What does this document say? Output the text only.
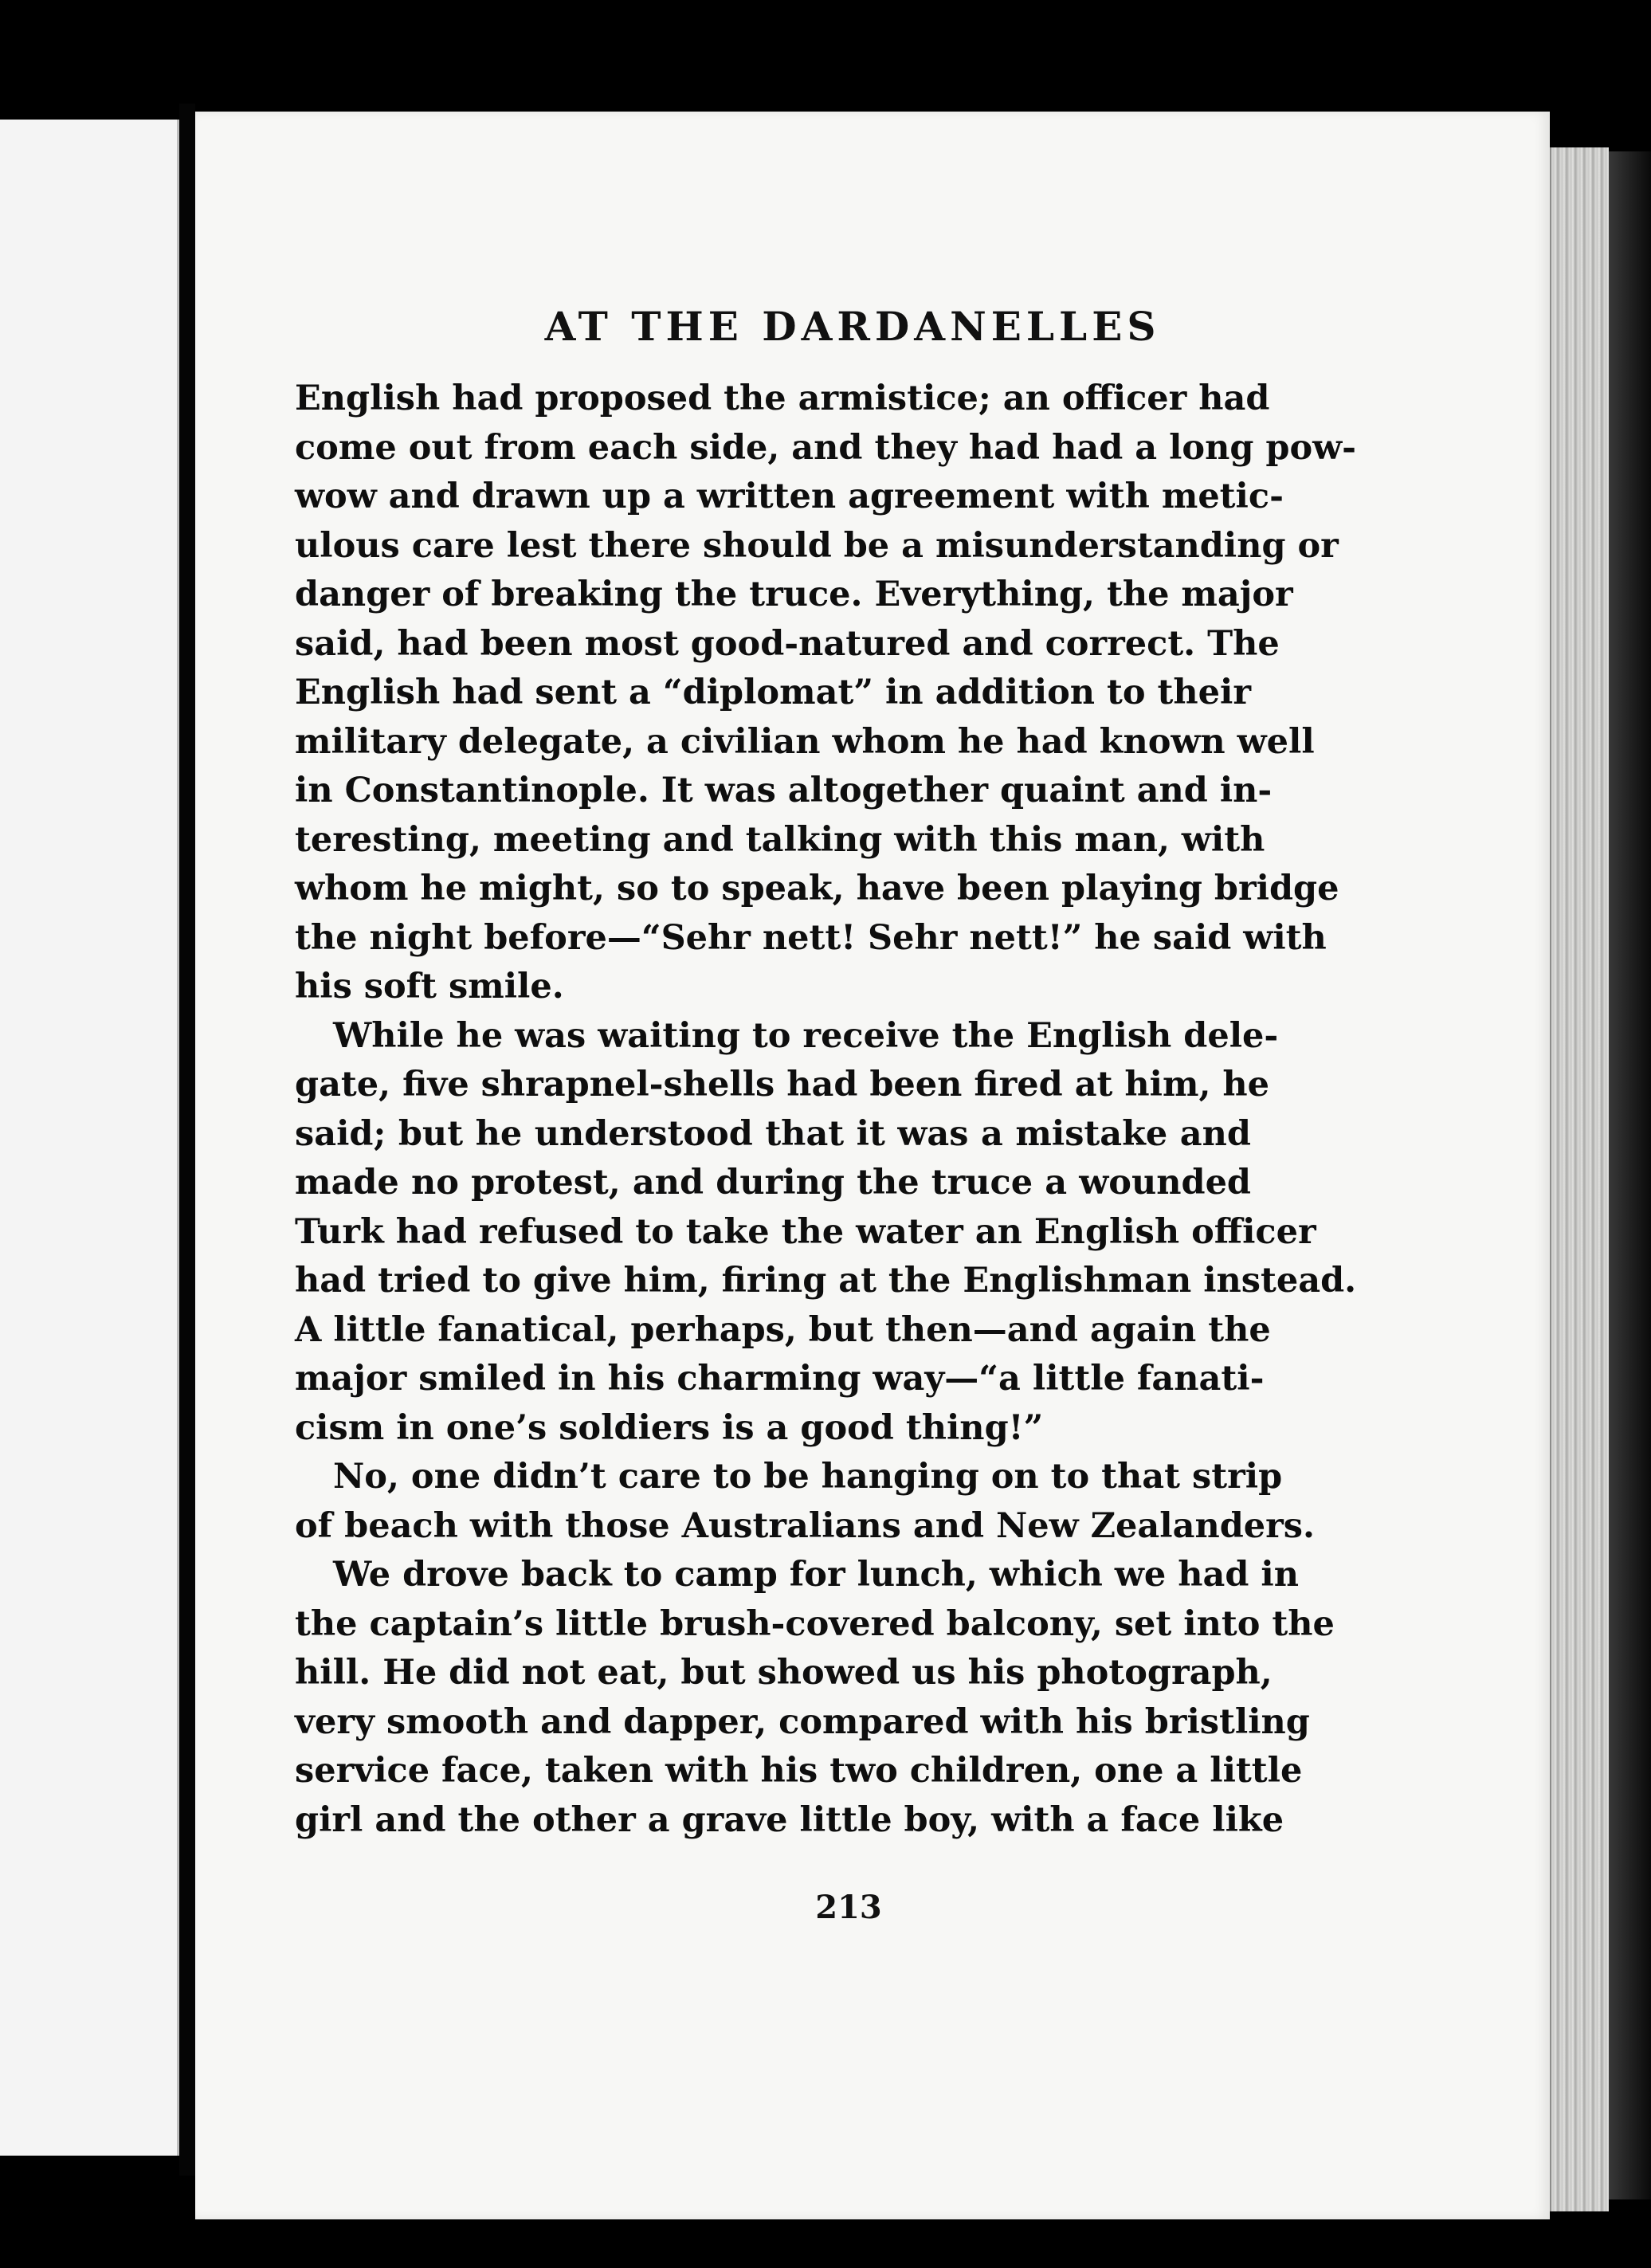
AT THE DARDANELLES
English had proposed the armistice; an officer had
come out from each side, and they had had a long pow-
wow and drawn up a written agreement with metic-
ulous care lest there should be a misunderstanding or
danger of breaking the truce. Everything, the major
said, had been most good-natured and correct. The
English had sent a “diplomat” in addition to their
military delegate, a civilian whom he had known well
in Constantinople. It was altogether quaint and in-
teresting, meeting and talking with this man, with
whom he might, so to speak, have been playing bridge
the night before—“Sehr nett! Sehr nett!” he said with
his soft smile.
While he was waiting to receive the English dele-
gate, five shrapnel-shells had been fired at him, he
said; but he understood that it was a mistake and
made no protest, and during the truce a wounded
Turk had refused to take the water an English officer
had tried to give him, firing at the Englishman instead.
A little fanatical, perhaps, but then—and again the
major smiled in his charming way—“a little fanati-
cism in one’s soldiers is a good thing!”
No, one didn’t care to be hanging on to that strip
of beach with those Australians and New Zealanders.
We drove back to camp for lunch, which we had in
the captain’s little brush-covered balcony, set into the
hill. He did not eat, but showed us his photograph,
very smooth and dapper, compared with his bristling
service face, taken with his two children, one a little
girl and the other a grave little boy, with a face like
213
